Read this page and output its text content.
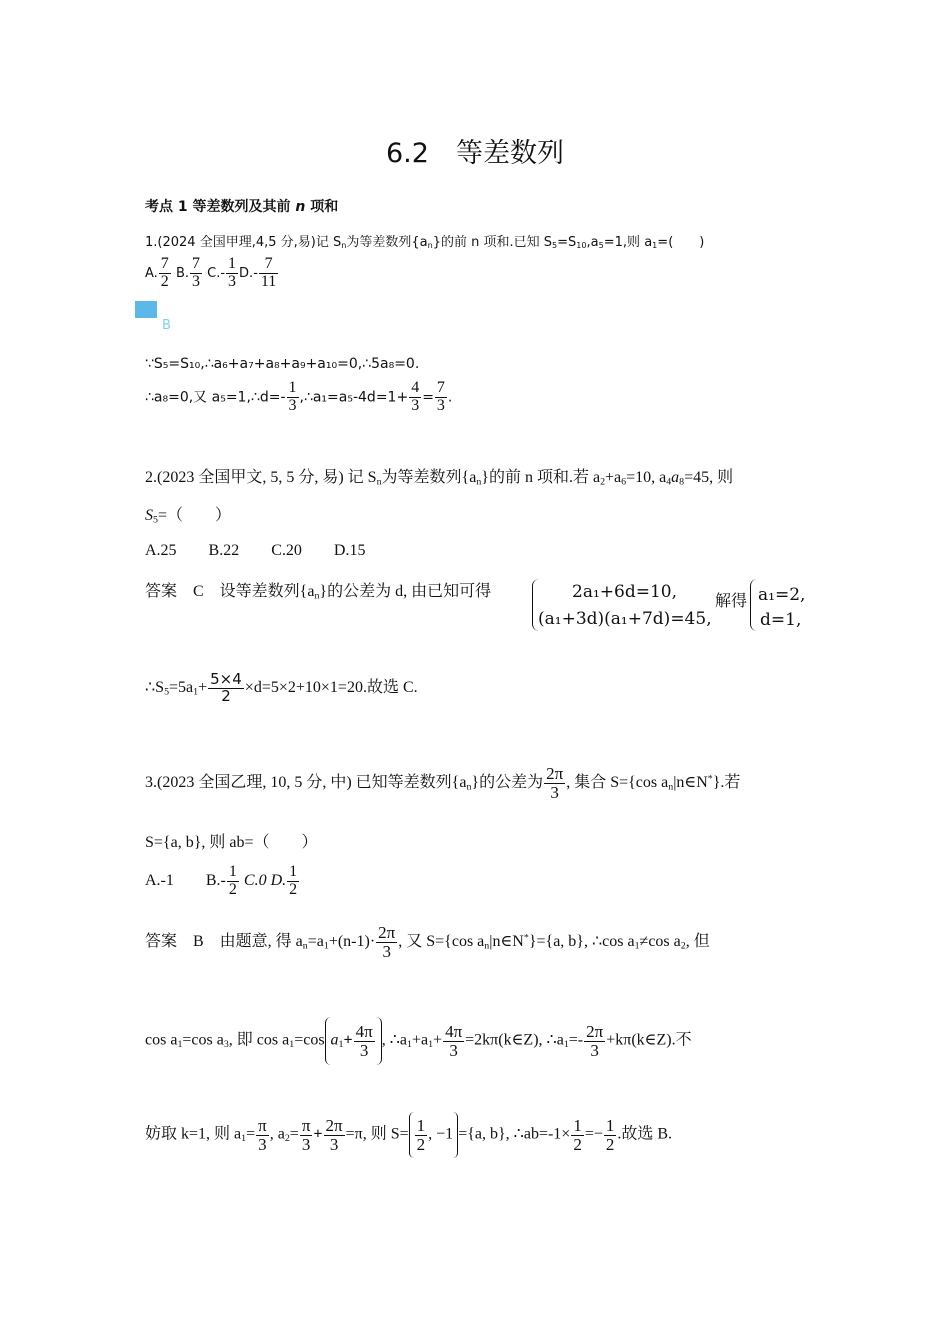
6.2　等差数列
考点 1 等差数列及其前 n 项和
1.(2024 全国甲理,4,5 分,易)记 $S_n$为等差数列$\{a_n\}$的前 n 项和.已知 $S_5=S_{10},a_5=1$,则 $a_1=$(　　)
A. $\frac{7}{2} B$. $\frac{7}{3} C.- \frac{1}{3} D.- \frac{7}{11}$
B
∵S₅=S₁₀,∴a₆+a₇+a₈+a₉+a₁₀=0,∴5a₈=0.
∴a₈=0,又 a₅=1,∴d=- $\frac{1}{3}$ ,∴a₁=a₅-4d=1+ $\frac{4}{3} = \frac{7}{3}$ .
2.(2023 全国甲文, 5, 5 分, 易) 记 $S_n$为等差数列$\{a_n\}$的前 n 项和.若 $a_2+a_6=10$, $a_4a_8=45$, 则
$S_5=$（　　）
A.25　　B.22　　C.20　　D.15
答案　C　设等差数列$\{a_n\}$的公差为 d, 由已知可得	2a₁+6d=10,
(a₁+3d)(a₁+7d)=45,
解得 a₁=2,
d=1,
$\therefore S_5=5a_1+ \frac{5\times 4}{2} \times d=5\times 2+10\times 1=20$.故选 C.
3.(2023 全国乙理, 10, 5 分, 中) 已知等差数列$\{a_n\}$的公差为 $\frac{2\pi}{3}$ , 集合 S={cos $a_n|n\in N^*$}.若
S={a, b}, 则 ab=（　　）
A.-1　　$B.- \frac{1}{2} C.0$ D. $\frac{1}{2}$
答案　B　由题意, 得 $a_n=a_1+(n-1)\cdot \frac{2\pi}{3}$ , 又 S={cos $a_n|n\in N^*\}=\{a$, b}, ∴cos $a_1\ne\cos$ $a_2$, 但
$\cos a_1=\cos$ $a_3$, 即 $\cos a_1=\cos$ $a_1+ \frac{4\pi}{3}$ , $\therefore a_1+a_1+ \frac{4\pi}{3}$ =2kπ(k∈Z), $\therefore a_1=- \frac{2\pi}{3}$ +kπ(k∈Z).不
妨取 k=1, 则 $a_1= \frac{\pi}{3}$ , $a_2= \frac{\pi}{3} + \frac{2\pi}{3} =\pi$, 则 $S= \frac{1}{2}$ , −1 ={a, b}, ∴ab=-1× $\frac{1}{2} =- \frac{1}{2}$ .故选 B.
